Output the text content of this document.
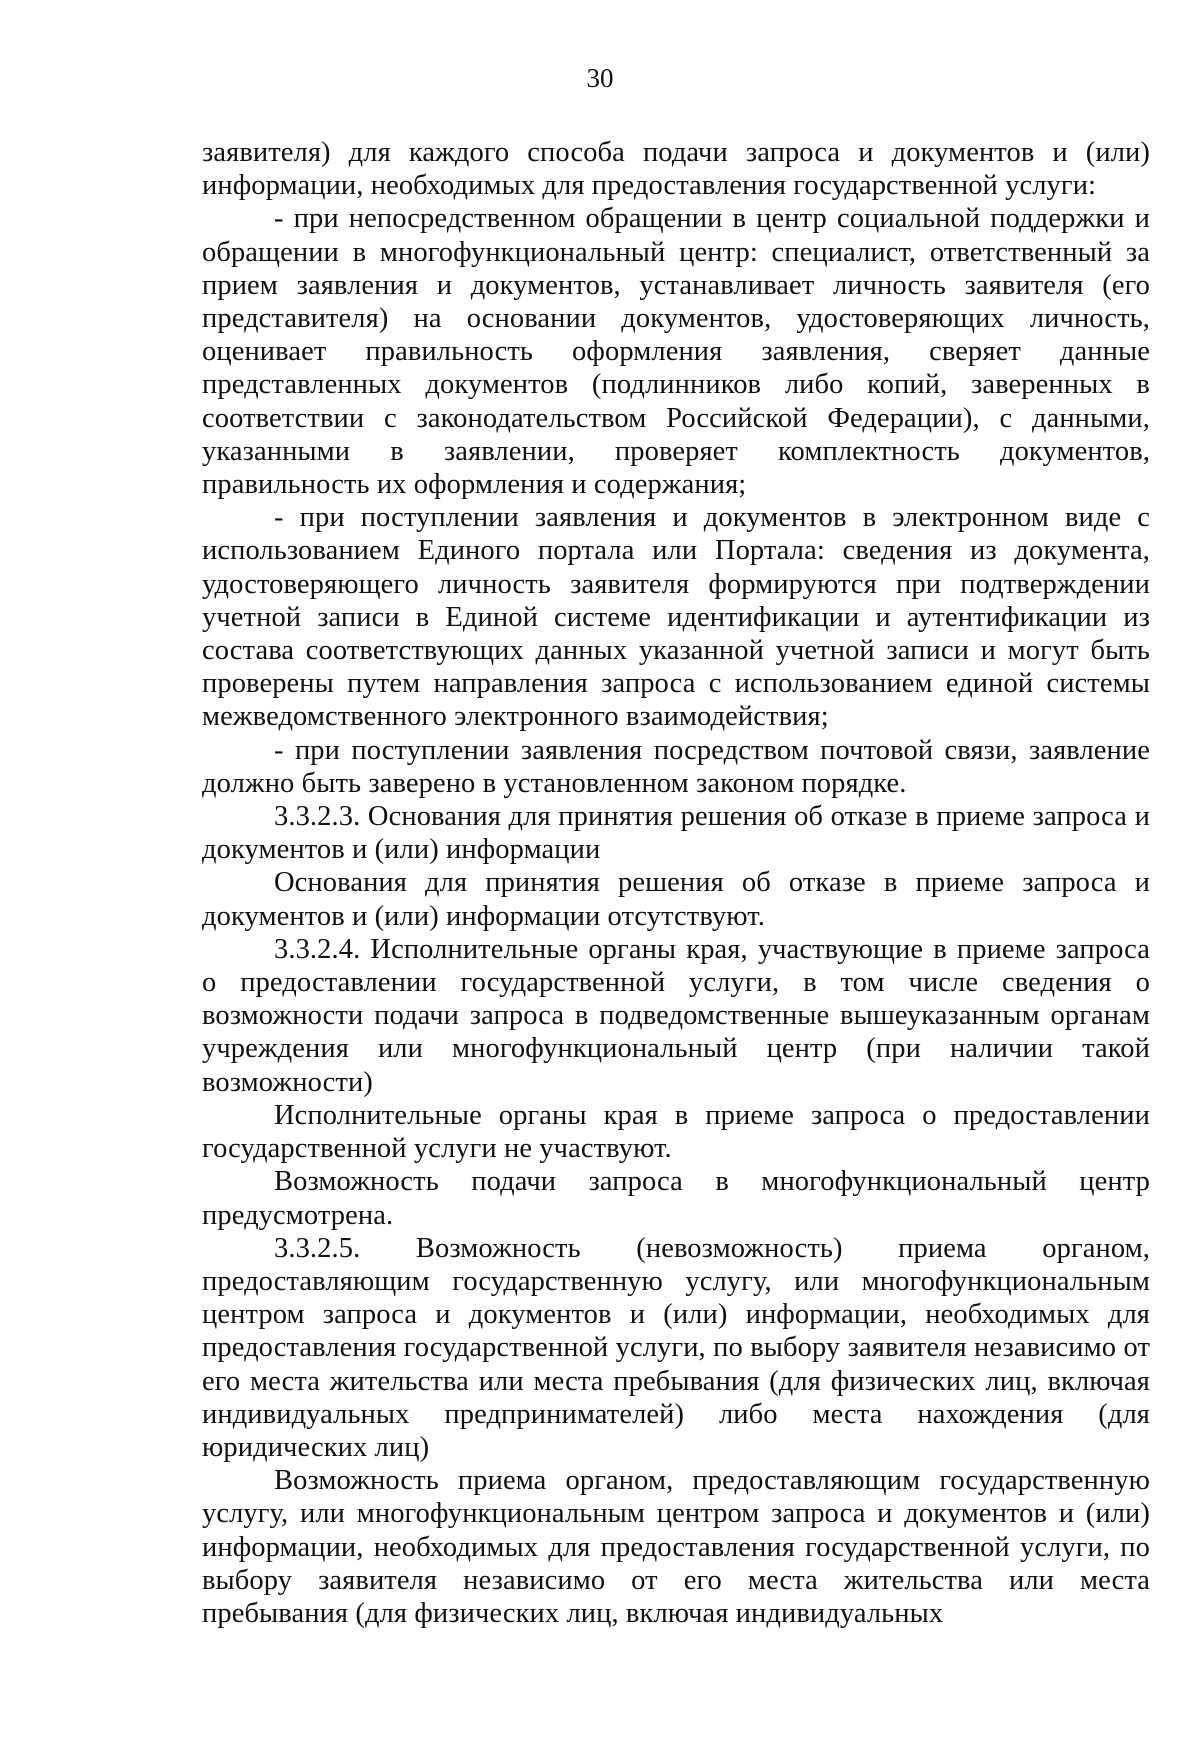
30

заявителя) для каждого способа подачи запроса и документов и (или) информации, необходимых для предоставления государственной услуги:

- при непосредственном обращении в центр социальной поддержки и обращении в многофункциональный центр: специалист, ответственный за прием заявления и документов, устанавливает личность заявителя (его представителя) на основании документов, удостоверяющих личность, оценивает правильность оформления заявления, сверяет данные представленных документов (подлинников либо копий, заверенных в соответствии с законодательством Российской Федерации), с данными, указанными в заявлении, проверяет комплектность документов, правильность их оформления и содержания;

- при поступлении заявления и документов в электронном виде с использованием Единого портала или Портала: сведения из документа, удостоверяющего личность заявителя формируются при подтверждении учетной записи в Единой системе идентификации и аутентификации из состава соответствующих данных указанной учетной записи и могут быть проверены путем направления запроса с использованием единой системы межведомственного электронного взаимодействия;

- при поступлении заявления посредством почтовой связи, заявление должно быть заверено в установленном законом порядке.

3.3.2.3. Основания для принятия решения об отказе в приеме запроса и документов и (или) информации

Основания для принятия решения об отказе в приеме запроса и документов и (или) информации отсутствуют.

3.3.2.4. Исполнительные органы края, участвующие в приеме запроса о предоставлении государственной услуги, в том числе сведения о возможности подачи запроса в подведомственные вышеуказанным органам учреждения или многофункциональный центр (при наличии такой возможности)

Исполнительные органы края в приеме запроса о предоставлении государственной услуги не участвуют.

Возможность подачи запроса в многофункциональный центр предусмотрена.

3.3.2.5. Возможность (невозможность) приема органом, предоставляющим государственную услугу, или многофункциональным центром запроса и документов и (или) информации, необходимых для предоставления государственной услуги, по выбору заявителя независимо от его места жительства или места пребывания (для физических лиц, включая индивидуальных предпринимателей) либо места нахождения (для юридических лиц)

Возможность приема органом, предоставляющим государственную услугу, или многофункциональным центром запроса и документов и (или) информации, необходимых для предоставления государственной услуги, по выбору заявителя независимо от его места жительства или места пребывания (для физических лиц, включая индивидуальных
